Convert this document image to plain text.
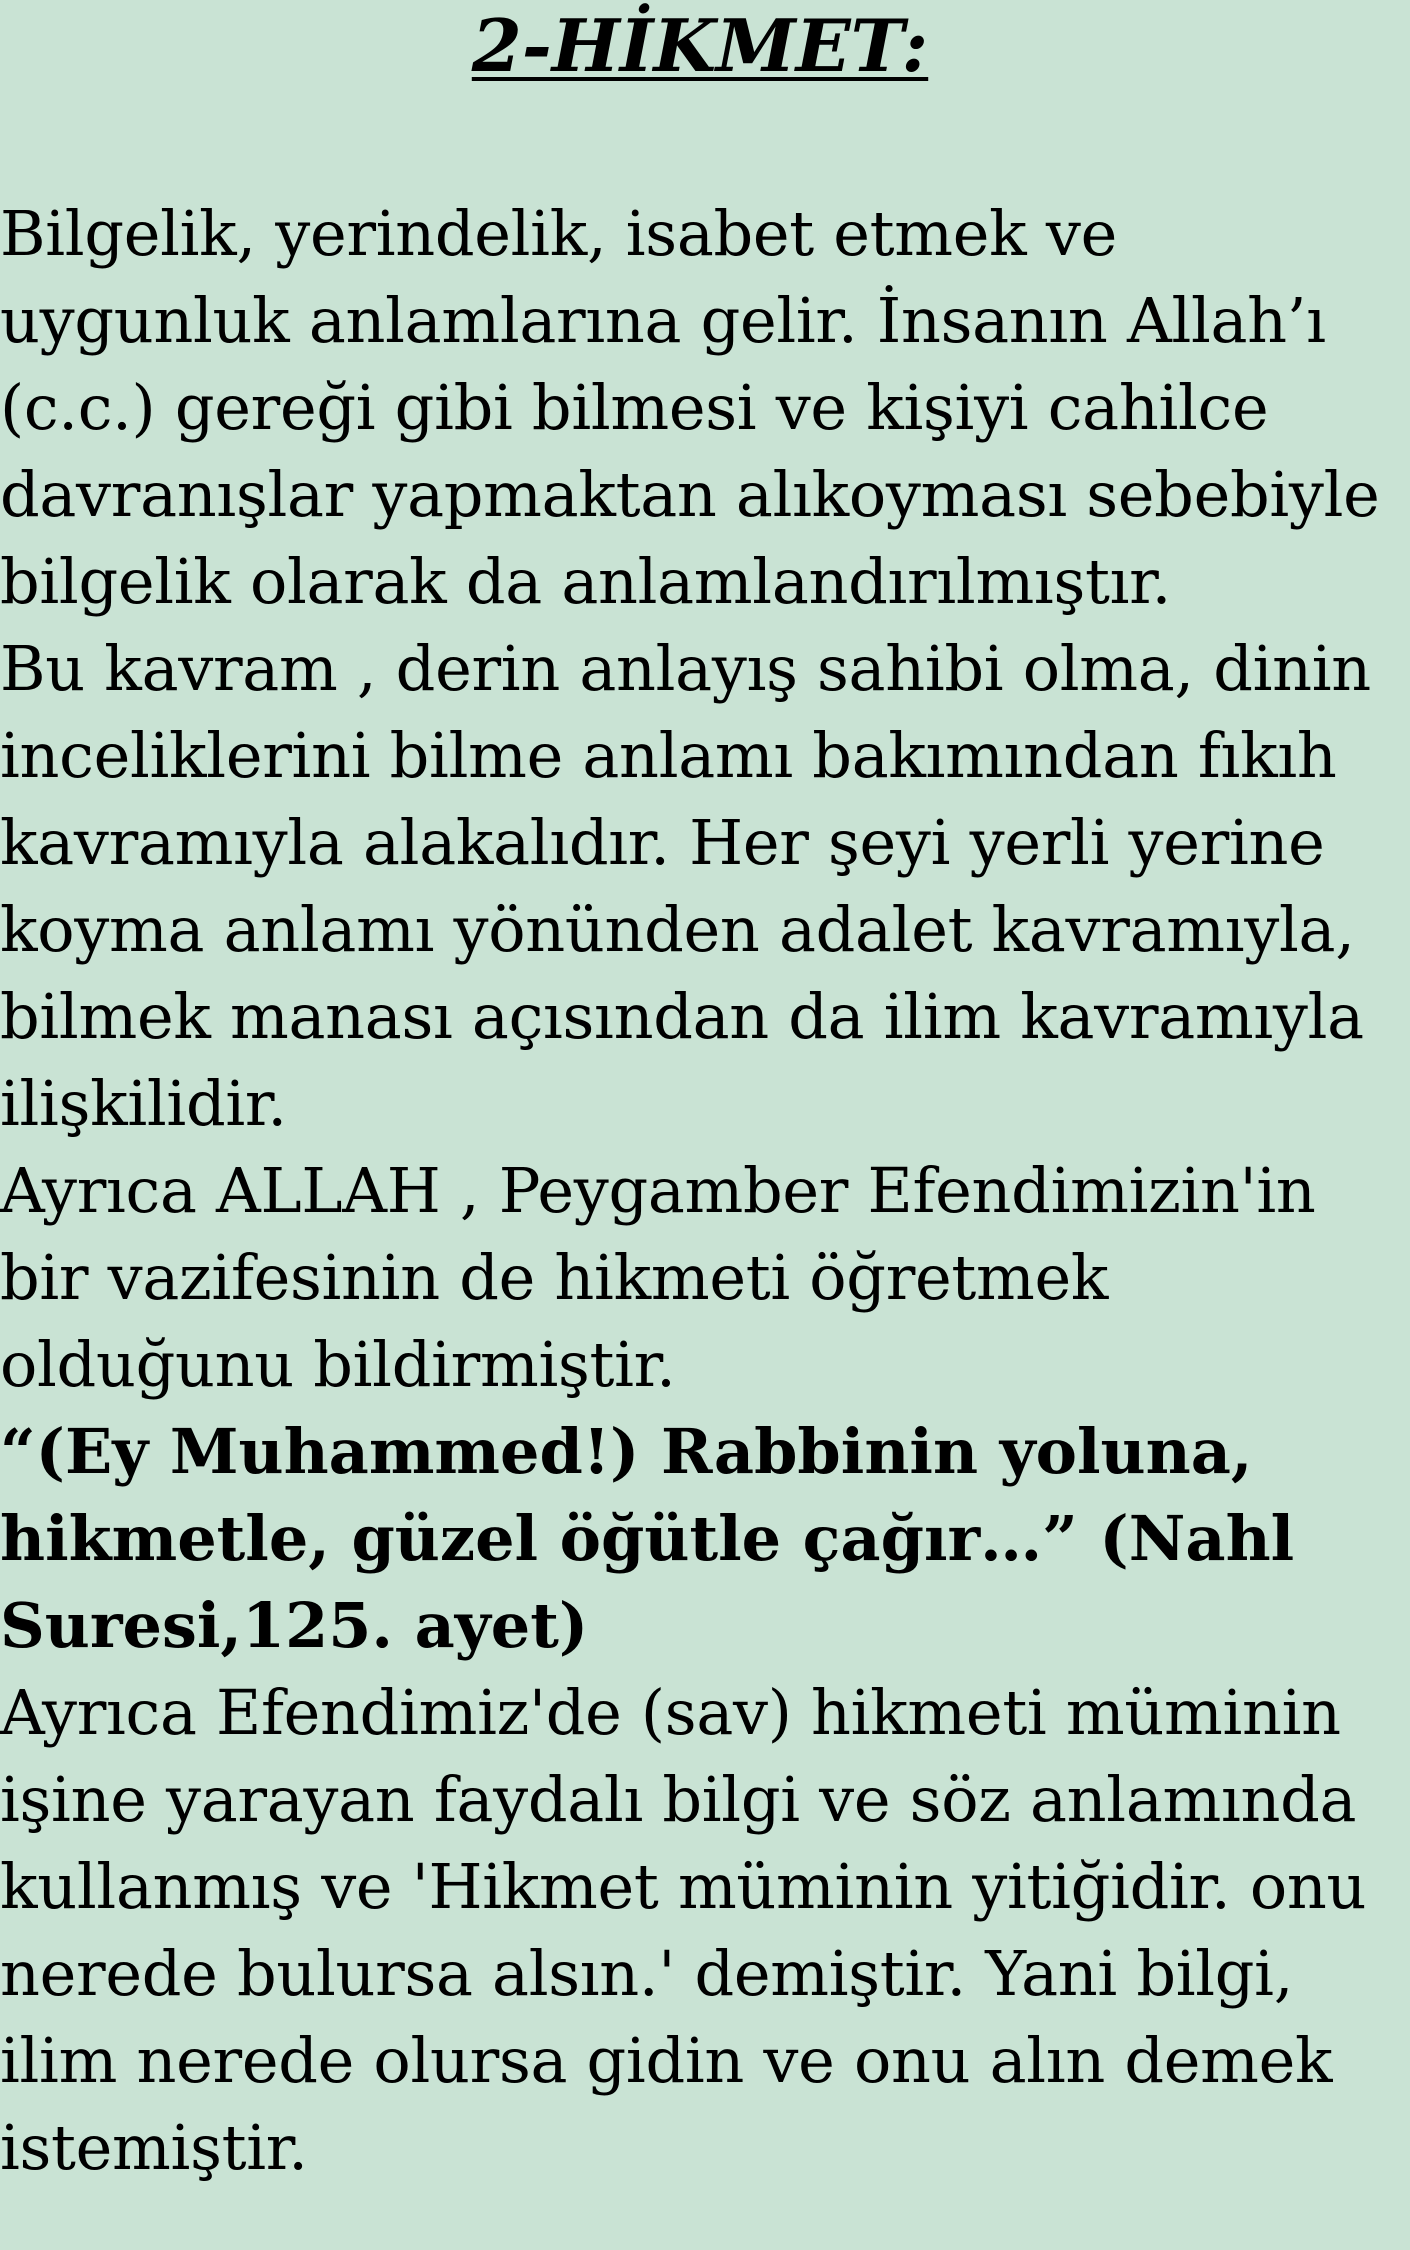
2-HİKMET:
Bilgelik, yerindelik, isabet etmek ve
uygunluk anlamlarına gelir. İnsanın Allah’ı
(c.c.) gereği gibi bilmesi ve kişiyi cahilce
davranışlar yapmaktan alıkoyması sebebiyle
bilgelik olarak da anlamlandırılmıştır.
Bu kavram , derin anlayış sahibi olma, dinin
inceliklerini bilme anlamı bakımından fıkıh
kavramıyla alakalıdır. Her şeyi yerli yerine
koyma anlamı yönünden adalet kavramıyla,
bilmek manası açısından da ilim kavramıyla
ilişkilidir.
Ayrıca ALLAH , Peygamber Efendimizin'in
bir vazifesinin de hikmeti öğretmek
olduğunu bildirmiştir.
“(Ey Muhammed!) Rabbinin yoluna,
hikmetle, güzel öğütle çağır…” (Nahl
Suresi,125. ayet)
Ayrıca Efendimiz'de (sav) hikmeti müminin
işine yarayan faydalı bilgi ve söz anlamında
kullanmış ve 'Hikmet müminin yitiğidir. onu
nerede bulursa alsın.' demiştir. Yani bilgi,
ilim nerede olursa gidin ve onu alın demek
istemiştir.
